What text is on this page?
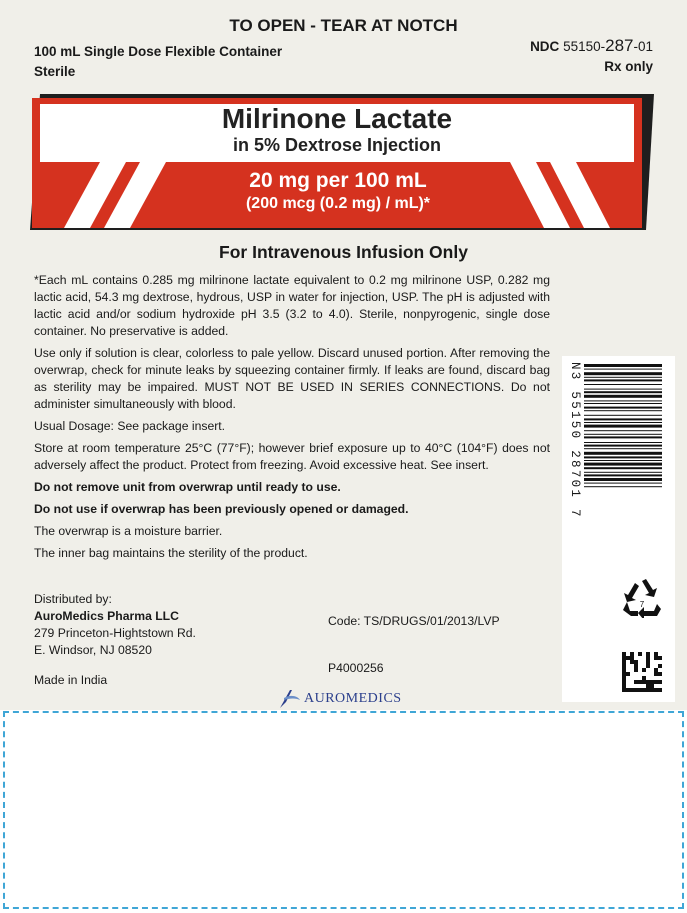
TO OPEN - TEAR AT NOTCH
100 mL Single Dose Flexible Container
Sterile
NDC 55150-287-01
Rx only
Milrinone Lactate
in 5% Dextrose Injection
20 mg per 100 mL
(200 mcg (0.2 mg) / mL)*
For Intravenous Infusion Only

*Each mL contains 0.285 mg milrinone lactate equivalent to 0.2 mg milrinone USP, 0.282 mg lactic acid, 54.3 mg dextrose, hydrous, USP in water for injection, USP. The pH is adjusted with lactic acid and/or sodium hydroxide pH 3.5 (3.2 to 4.0). Sterile, nonpyrogenic, single dose container. No preservative is added.

Use only if solution is clear, colorless to pale yellow. Discard unused portion. After removing the overwrap, check for minute leaks by squeezing container firmly. If leaks are found, discard bag as sterility may be impaired. MUST NOT BE USED IN SERIES CONNECTIONS. Do not administer simultaneously with blood.

Usual Dosage: See package insert.

Store at room temperature 25°C (77°F); however brief exposure up to 40°C (104°F) does not adversely affect the product. Protect from freezing. Avoid excessive heat. See insert.

Do not remove unit from overwrap until ready to use.

Do not use if overwrap has been previously opened or damaged.

The overwrap is a moisture barrier.

The inner bag maintains the sterility of the product.

Distributed by:
AuroMedics Pharma LLC
279 Princeton-Hightstown Rd.
E. Windsor, NJ 08520
Made in India
Code: TS/DRUGS/01/2013/LVP
P4000256
AUROMEDICS
N3 55150 28701 7
7
